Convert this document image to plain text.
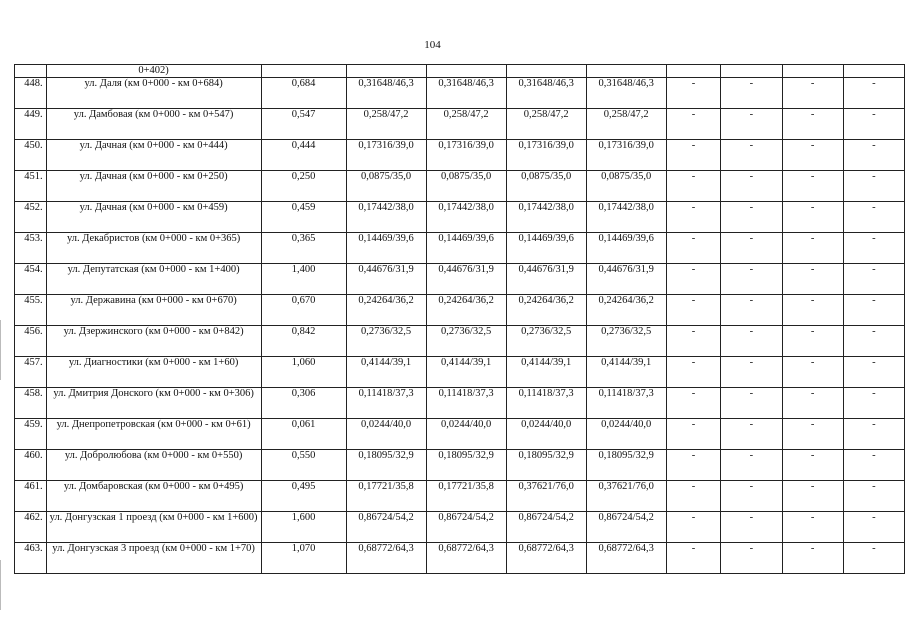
104
	0+402)									
448.	ул. Даля (км 0+000 - км 0+684)	0,684	0,31648/46,3	0,31648/46,3	0,31648/46,3	0,31648/46,3	-	-	-	-
449.	ул. Дамбовая (км 0+000 - км 0+547)	0,547	0,258/47,2	0,258/47,2	0,258/47,2	0,258/47,2	-	-	-	-
450.	ул. Дачная (км 0+000 - км 0+444)	0,444	0,17316/39,0	0,17316/39,0	0,17316/39,0	0,17316/39,0	-	-	-	-
451.	ул. Дачная (км 0+000 - км 0+250)	0,250	0,0875/35,0	0,0875/35,0	0,0875/35,0	0,0875/35,0	-	-	-	-
452.	ул. Дачная (км 0+000 - км 0+459)	0,459	0,17442/38,0	0,17442/38,0	0,17442/38,0	0,17442/38,0	-	-	-	-
453.	ул. Декабристов (км 0+000 - км 0+365)	0,365	0,14469/39,6	0,14469/39,6	0,14469/39,6	0,14469/39,6	-	-	-	-
454.	ул. Депутатская (км 0+000 - км 1+400)	1,400	0,44676/31,9	0,44676/31,9	0,44676/31,9	0,44676/31,9	-	-	-	-
455.	ул. Державина (км 0+000 - км 0+670)	0,670	0,24264/36,2	0,24264/36,2	0,24264/36,2	0,24264/36,2	-	-	-	-
456.	ул. Дзержинского (км 0+000 - км 0+842)	0,842	0,2736/32,5	0,2736/32,5	0,2736/32,5	0,2736/32,5	-	-	-	-
457.	ул. Диагностики (км 0+000 - км 1+60)	1,060	0,4144/39,1	0,4144/39,1	0,4144/39,1	0,4144/39,1	-	-	-	-
458.	ул. Дмитрия Донского (км 0+000 - км 0+306)	0,306	0,11418/37,3	0,11418/37,3	0,11418/37,3	0,11418/37,3	-	-	-	-
459.	ул. Днепропетровская (км 0+000 - км 0+61)	0,061	0,0244/40,0	0,0244/40,0	0,0244/40,0	0,0244/40,0	-	-	-	-
460.	ул. Добролюбова (км 0+000 - км 0+550)	0,550	0,18095/32,9	0,18095/32,9	0,18095/32,9	0,18095/32,9	-	-	-	-
461.	ул. Домбаровская (км 0+000 - км 0+495)	0,495	0,17721/35,8	0,17721/35,8	0,37621/76,0	0,37621/76,0	-	-	-	-
462.	ул. Донгузская 1 проезд (км 0+000 - км 1+600)	1,600	0,86724/54,2	0,86724/54,2	0,86724/54,2	0,86724/54,2	-	-	-	-
463.	ул. Донгузская 3 проезд (км 0+000 - км 1+70)	1,070	0,68772/64,3	0,68772/64,3	0,68772/64,3	0,68772/64,3	-	-	-	-
